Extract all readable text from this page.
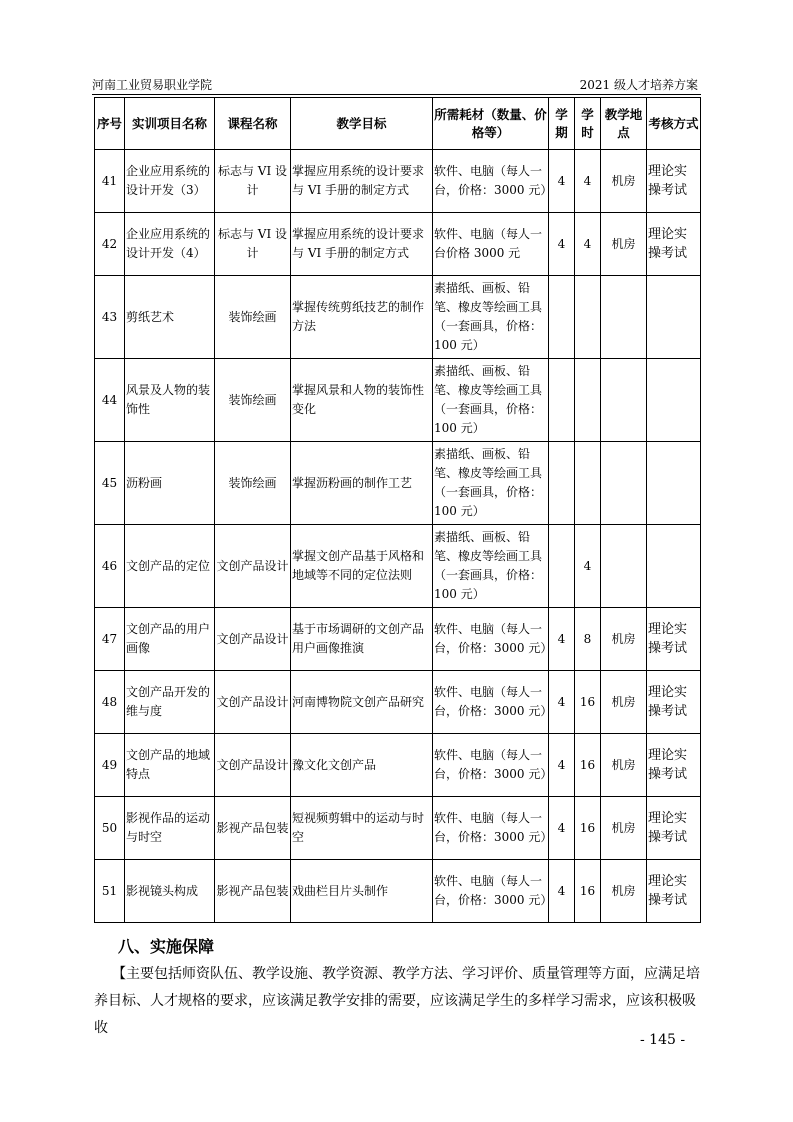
河南工业贸易职业学院	2021 级人才培养方案
序号	实训项目名称	课程名称	教学目标	所需耗材（数量、价格等）	学期	学时	教学地点	考核方式
41	企业应用系统的设计开发（3）	标志与 VI 设计	掌握应用系统的设计要求与 VI 手册的制定方式	软件、电脑（每人一台，价格：3000 元）	4	4	机房	理论实操考试
42	企业应用系统的设计开发（4）	标志与 VI 设计	掌握应用系统的设计要求与 VI 手册的制定方式	软件、电脑（每人一台价格 3000 元	4	4	机房	理论实操考试
43	剪纸艺术	装饰绘画	掌握传统剪纸技艺的制作方法	素描纸、画板、铅笔、橡皮等绘画工具（一套画具，价格：100 元）				
44	风景及人物的装饰性	装饰绘画	掌握风景和人物的装饰性变化	素描纸、画板、铅笔、橡皮等绘画工具（一套画具，价格：100 元）				
45	沥粉画	装饰绘画	掌握沥粉画的制作工艺	素描纸、画板、铅笔、橡皮等绘画工具（一套画具，价格：100 元）				
46	文创产品的定位	文创产品设计	掌握文创产品基于风格和地域等不同的定位法则	素描纸、画板、铅笔、橡皮等绘画工具（一套画具，价格：100 元）		4		
47	文创产品的用户画像	文创产品设计	基于市场调研的文创产品用户画像推演	软件、电脑（每人一台，价格：3000 元）	4	8	机房	理论实操考试
48	文创产品开发的维与度	文创产品设计	河南博物院文创产品研究	软件、电脑（每人一台，价格：3000 元）	4	16	机房	理论实操考试
49	文创产品的地域特点	文创产品设计	豫文化文创产品	软件、电脑（每人一台，价格：3000 元）	4	16	机房	理论实操考试
50	影视作品的运动与时空	影视产品包装	短视频剪辑中的运动与时空	软件、电脑（每人一台，价格：3000 元）	4	16	机房	理论实操考试
51	影视镜头构成	影视产品包装	戏曲栏目片头制作	软件、电脑（每人一台，价格：3000 元）	4	16	机房	理论实操考试
八、实施保障
【主要包括师资队伍、教学设施、教学资源、教学方法、学习评价、质量管理等方面，应满足培养目标、人才规格的要求，应该满足教学安排的需要，应该满足学生的多样学习需求，应该积极吸收
- 145 -
